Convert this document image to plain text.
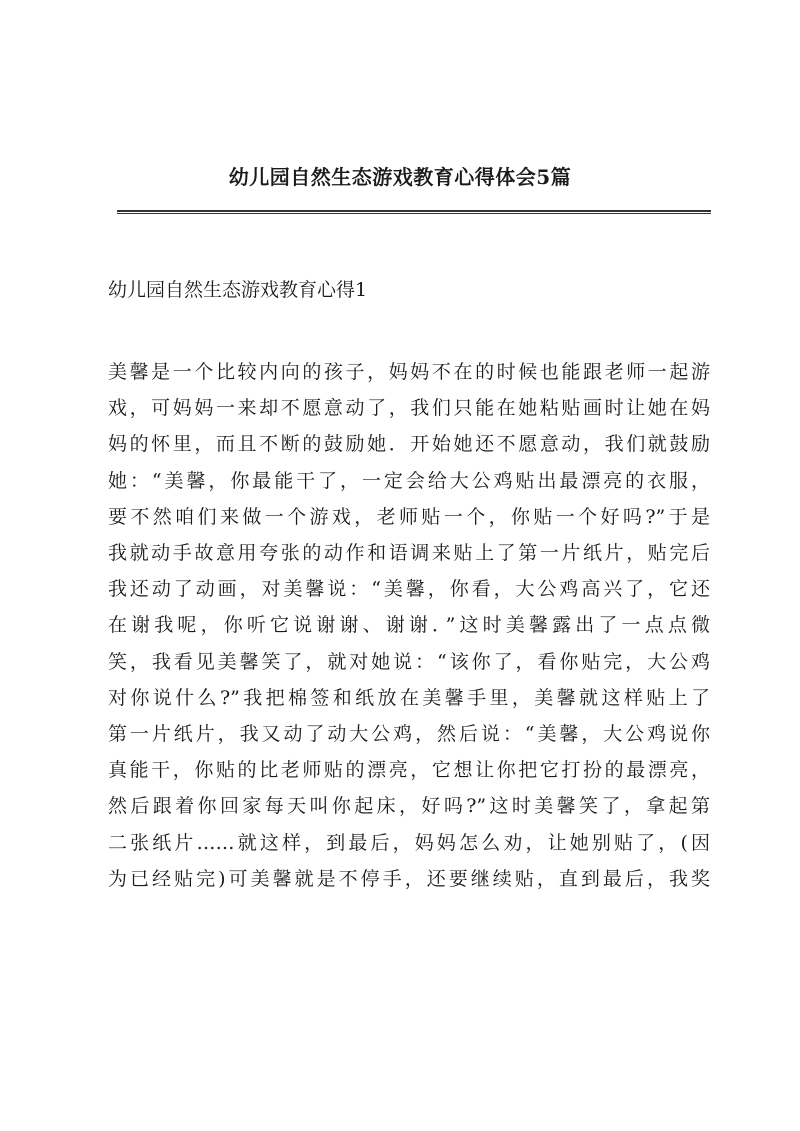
幼儿园自然生态游戏教育心得体会5篇
幼儿园自然生态游戏教育心得1
美馨是一个比较内向的孩子，妈妈不在的时候也能跟老师一起游
戏，可妈妈一来却不愿意动了，我们只能在她粘贴画时让她在妈
妈的怀里，而且不断的鼓励她．开始她还不愿意动，我们就鼓励
她：“美馨，你最能干了，一定会给大公鸡贴出最漂亮的衣服，
要不然咱们来做一个游戏，老师贴一个，你贴一个好吗?”于是
我就动手故意用夸张的动作和语调来贴上了第一片纸片，贴完后
我还动了动画，对美馨说：“美馨，你看，大公鸡高兴了，它还
在谢我呢，你听它说谢谢、谢谢．”这时美馨露出了一点点微
笑，我看见美馨笑了，就对她说：“该你了，看你贴完，大公鸡
对你说什么?”我把棉签和纸放在美馨手里，美馨就这样贴上了
第一片纸片，我又动了动大公鸡，然后说：“美馨，大公鸡说你
真能干，你贴的比老师贴的漂亮，它想让你把它打扮的最漂亮，
然后跟着你回家每天叫你起床，好吗?”这时美馨笑了，拿起第
二张纸片……就这样，到最后，妈妈怎么劝，让她别贴了，(因
为已经贴完)可美馨就是不停手，还要继续贴，直到最后，我奖
